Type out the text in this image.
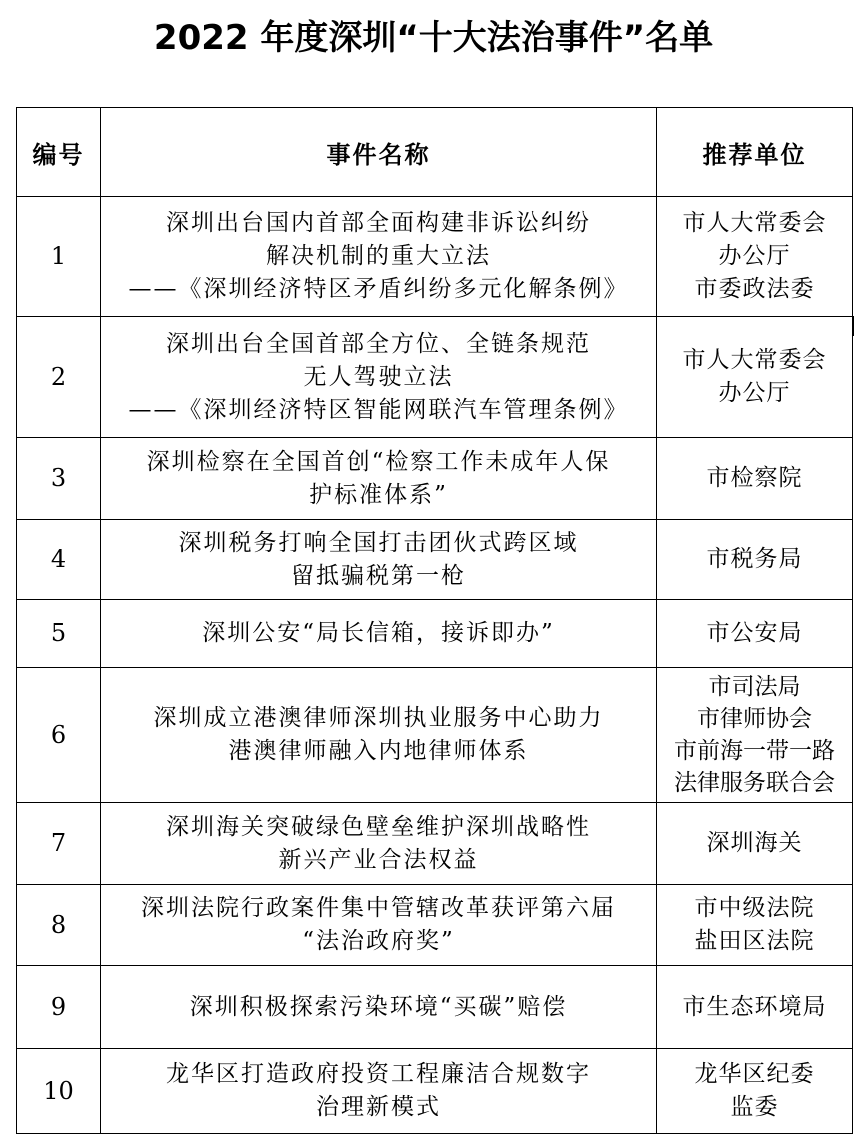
2022 年度深圳“十大法治事件”名单
编号	事件名称	推荐单位
1	深圳出台国内首部全面构建非诉讼纠纷
解决机制的重大立法
——《深圳经济特区矛盾纠纷多元化解条例》	市人大常委会
办公厅
市委政法委

2	深圳出台全国首部全方位、全链条规范
无人驾驶立法
——《深圳经济特区智能网联汽车管理条例》	市人大常委会
办公厅

3	深圳检察在全国首创“检察工作未成年人保
护标准体系”	市检察院

4	深圳税务打响全国打击团伙式跨区域
留抵骗税第一枪	市税务局

5	深圳公安“局长信箱，接诉即办”	市公安局

6	深圳成立港澳律师深圳执业服务中心助力
港澳律师融入内地律师体系	市司法局
市律师协会
市前海一带一路
法律服务联合会

7	深圳海关突破绿色壁垒维护深圳战略性
新兴产业合法权益	深圳海关

8	深圳法院行政案件集中管辖改革获评第六届
“法治政府奖”	市中级法院
盐田区法院

9	深圳积极探索污染环境“买碳”赔偿	市生态环境局

10	龙华区打造政府投资工程廉洁合规数字
治理新模式	龙华区纪委
监委
